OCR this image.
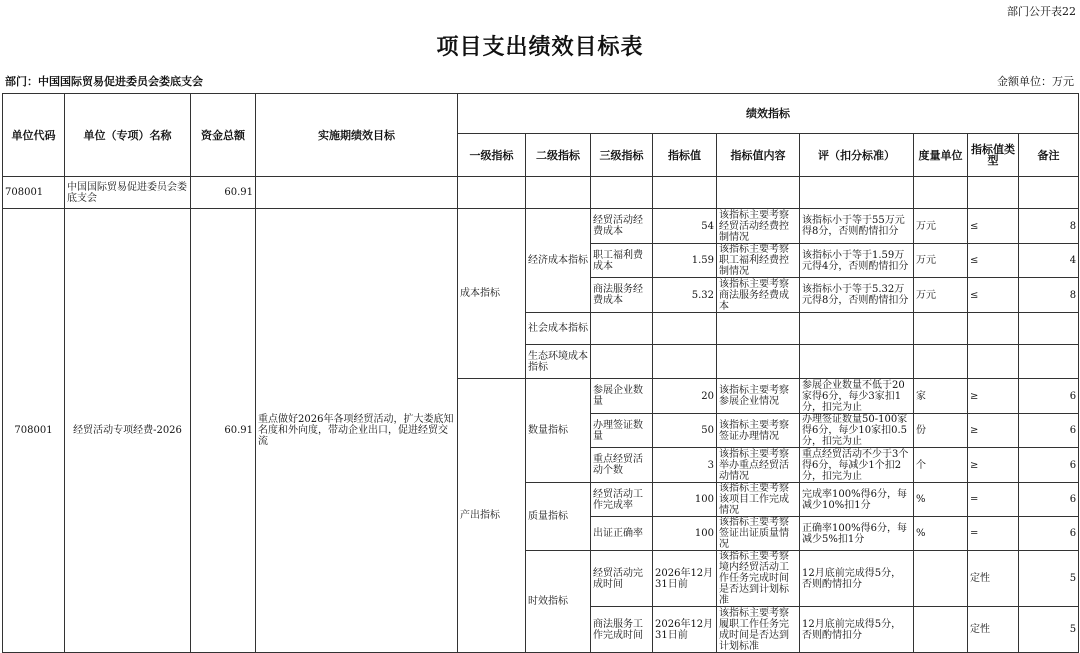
部门公开表22
项目支出绩效目标表
部门：中国国际贸易促进委员会娄底支会	金额单位：万元
单位代码	单位（专项）名称	资金总额	实施期绩效目标	绩效指标								
				一级指标	二级指标	三级指标	指标值	指标值内容	评（扣分标准）	度量单位	指标值类型	备注
708001	中国国际贸易促进委员会娄底支会	60.91										
708001	经贸活动专项经费-2026	60.91	重点做好2026年各项经贸活动，扩大娄底知名度和外向度，带动企业出口，促进经贸交流	成本指标	经济成本指标	经贸活动经费成本	54	该指标主要考察经贸活动经费控制情况	该指标小于等于55万元得8分，否则酌情扣分	万元	≤	8
						职工福利费成本	1.59	该指标主要考察职工福利经费控制情况	该指标小于等于1.59万元得4分，否则酌情扣分	万元	≤	4
						商法服务经费成本	5.32	该指标主要考察商法服务经费成本	该指标小于等于5.32万元得8分，否则酌情扣分	万元	≤	8
					社会成本指标							
					生态环境成本指标							
				产出指标	数量指标	参展企业数量	20	该指标主要考察参展企业情况	参展企业数量不低于20家得6分，每少3家扣1分，扣完为止	家	≥	6
						办理签证数量	50	该指标主要考察签证办理情况	办理签证数量50-100家得6分，每少10家扣0.5分，扣完为止	份	≥	6
						重点经贸活动个数	3	该指标主要考察举办重点经贸活动情况	重点经贸活动不少于3个得6分，每减少1个扣2分，扣完为止	个	≥	6
					质量指标	经贸活动工作完成率	100	该指标主要考察该项目工作完成情况	完成率100%得6分，每减少10%扣1分	%	=	6
						出证正确率	100	该指标主要考察签证出证质量情况	正确率100%得6分，每减少5%扣1分	%	=	6
					时效指标	经贸活动完成时间	2026年12月31日前	该指标主要考察境内经贸活动工作任务完成时间是否达到计划标准	12月底前完成得5分，否则酌情扣分		定性	5
						商法服务工作完成时间	2026年12月31日前	该指标主要考察履职工作任务完成时间是否达到计划标准	12月底前完成得5分，否则酌情扣分		定性	5
